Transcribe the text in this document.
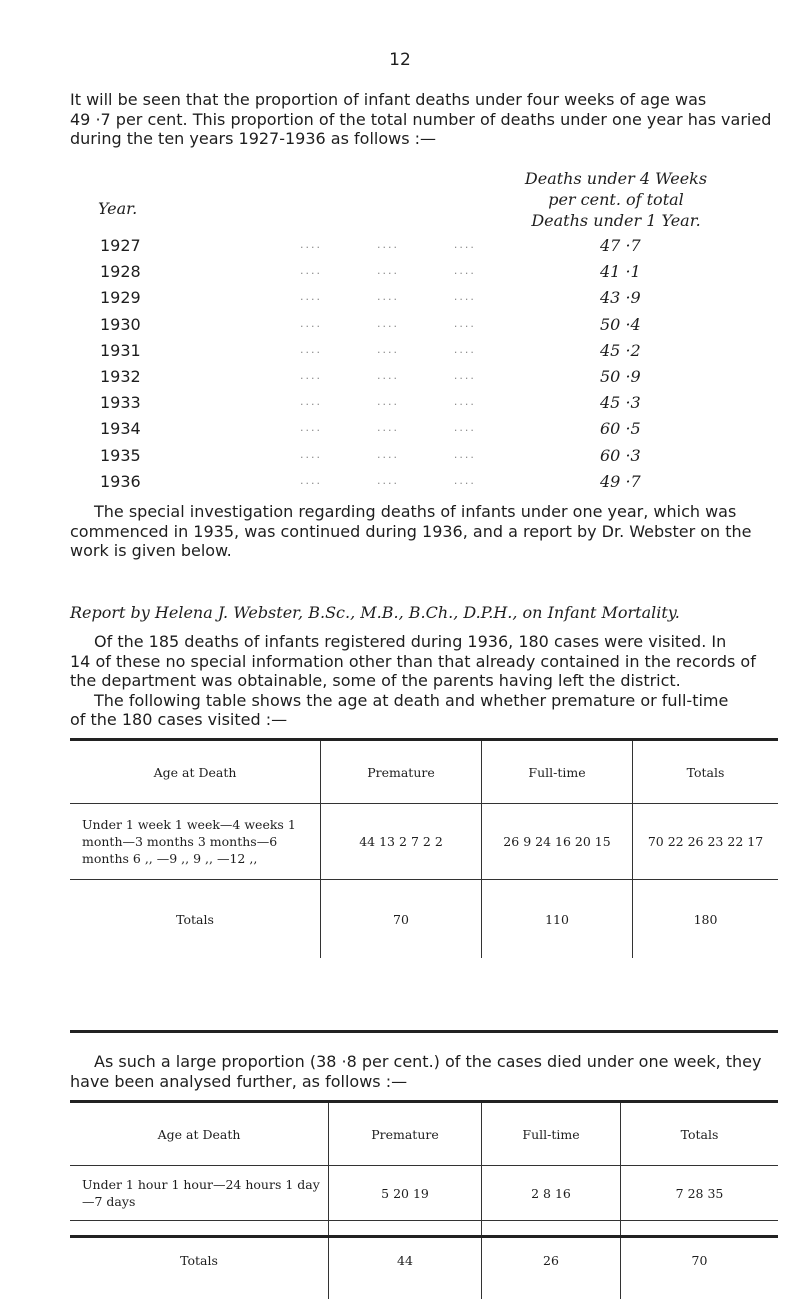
12
It will be seen that the proportion of infant deaths under four weeks of age was
49 ·7 per cent. This proportion of the total number of deaths under one year has varied
during the ten years 1927-1936 as follows :—
Year.
Deaths under 4 Weeks
per cent. of total
Deaths under 1 Year.
1927	....          ....          ....	47 ·7
1928	....          ....          ....	41 ·1
1929	....          ....          ....	43 ·9
1930	....          ....          ....	50 ·4
1931	....          ....          ....	45 ·2
1932	....          ....          ....	50 ·9
1933	....          ....          ....	45 ·3
1934	....          ....          ....	60 ·5
1935	....          ....          ....	60 ·3
1936	....          ....          ....	49 ·7
The special investigation regarding deaths of infants under one year, which was
commenced in 1935, was continued during 1936, and a report by Dr. Webster on the
work is given below.
Report by Helena J. Webster, B.Sc., M.B., B.Ch., D.P.H., on Infant Mortality.
Of the 185 deaths of infants registered during 1936, 180 cases were visited. In
14 of these no special information other than that already contained in the records of
the department was obtainable, some of the parents having left the district.
The following table shows the age at death and whether premature or full-time
of the 180 cases visited :—
Age at Death	Premature	Full-time	Totals
Under 1 week 1 week—4 weeks 1 month—3 months 3 months—6 months 6 ,, —9 ,, 9 ,, —12 ,,	44 13 2 7 2 2	26 9 24 16 20 15	70 22 26 23 22 17
Totals	70	110	180
As such a large proportion (38 ·8 per cent.) of the cases died under one week, they
have been analysed further, as follows :—
Age at Death	Premature	Full-time	Totals
Under 1 hour 1 hour—24 hours 1 day—7 days	5 20 19	2 8 16	7 28 35
Totals	44	26	70
